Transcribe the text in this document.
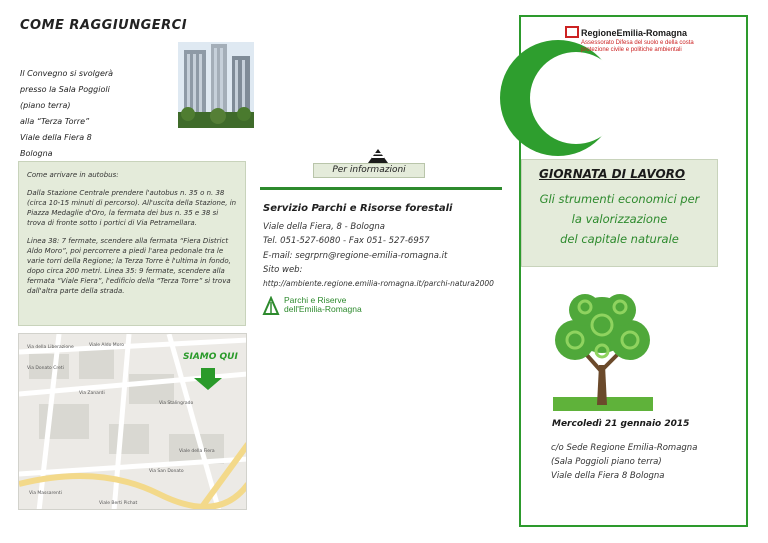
COME RAGGIUNGERCI
Il Convegno si svolgerà
presso la Sala Poggioli
(piano terra)
alla “Terza Torre”
Viale della Fiera 8
Bologna

Come arrivare in autobus:

Dalla Stazione Centrale prendere l'autobus n. 35 o n. 38 (circa 10-15 minuti di percorso). All'uscita della Stazione, in Piazza Medaglie d'Oro, la fermata dei bus n. 35 e 38 si trova di fronte sotto i portici di Via Petramellara.

Linea 38: 7 fermate, scendere alla fermata “Fiera District Aldo Moro”, poi percorrere a piedi l'area pedonale tra le varie torri della Regione; la Terza Torre è l'ultima in fondo, dopo circa 200 metri. Linea 35: 9 fermate, scendere alla fermata “Viale Fiera”, l'edificio della “Terza Torre” si trova dall'altra parte della strada.

Via della Liberazione	Viale Aldo Moro
Via Donato Creti
Via Zanardi
Via Stalingrado
Viale della Fiera
Via San Donato
Via Massarenti
Viale Berti Pichat
SIAMO QUI
Per informazioni
Servizio Parchi e Risorse forestali
Viale della Fiera, 8 - Bologna
Tel. 051-527-6080 - Fax 051- 527-6957
E-mail: segrprn@regione-emilia-romagna.it
Sito web:
http://ambiente.regione.emilia-romagna.it/parchi-natura2000
Parchi e Riserve
dell'Emilia-Romagna
RegioneEmilia-Romagna
Assessorato Difesa del suolo e della costa
protezione civile e politiche ambientali
GIORNATA DI LAVORO
Gli strumenti economici per
la valorizzazione
del capitale naturale
Mercoledì 21 gennaio 2015
c/o Sede Regione Emilia-Romagna
(Sala Poggioli piano terra)
Viale della Fiera 8 Bologna
